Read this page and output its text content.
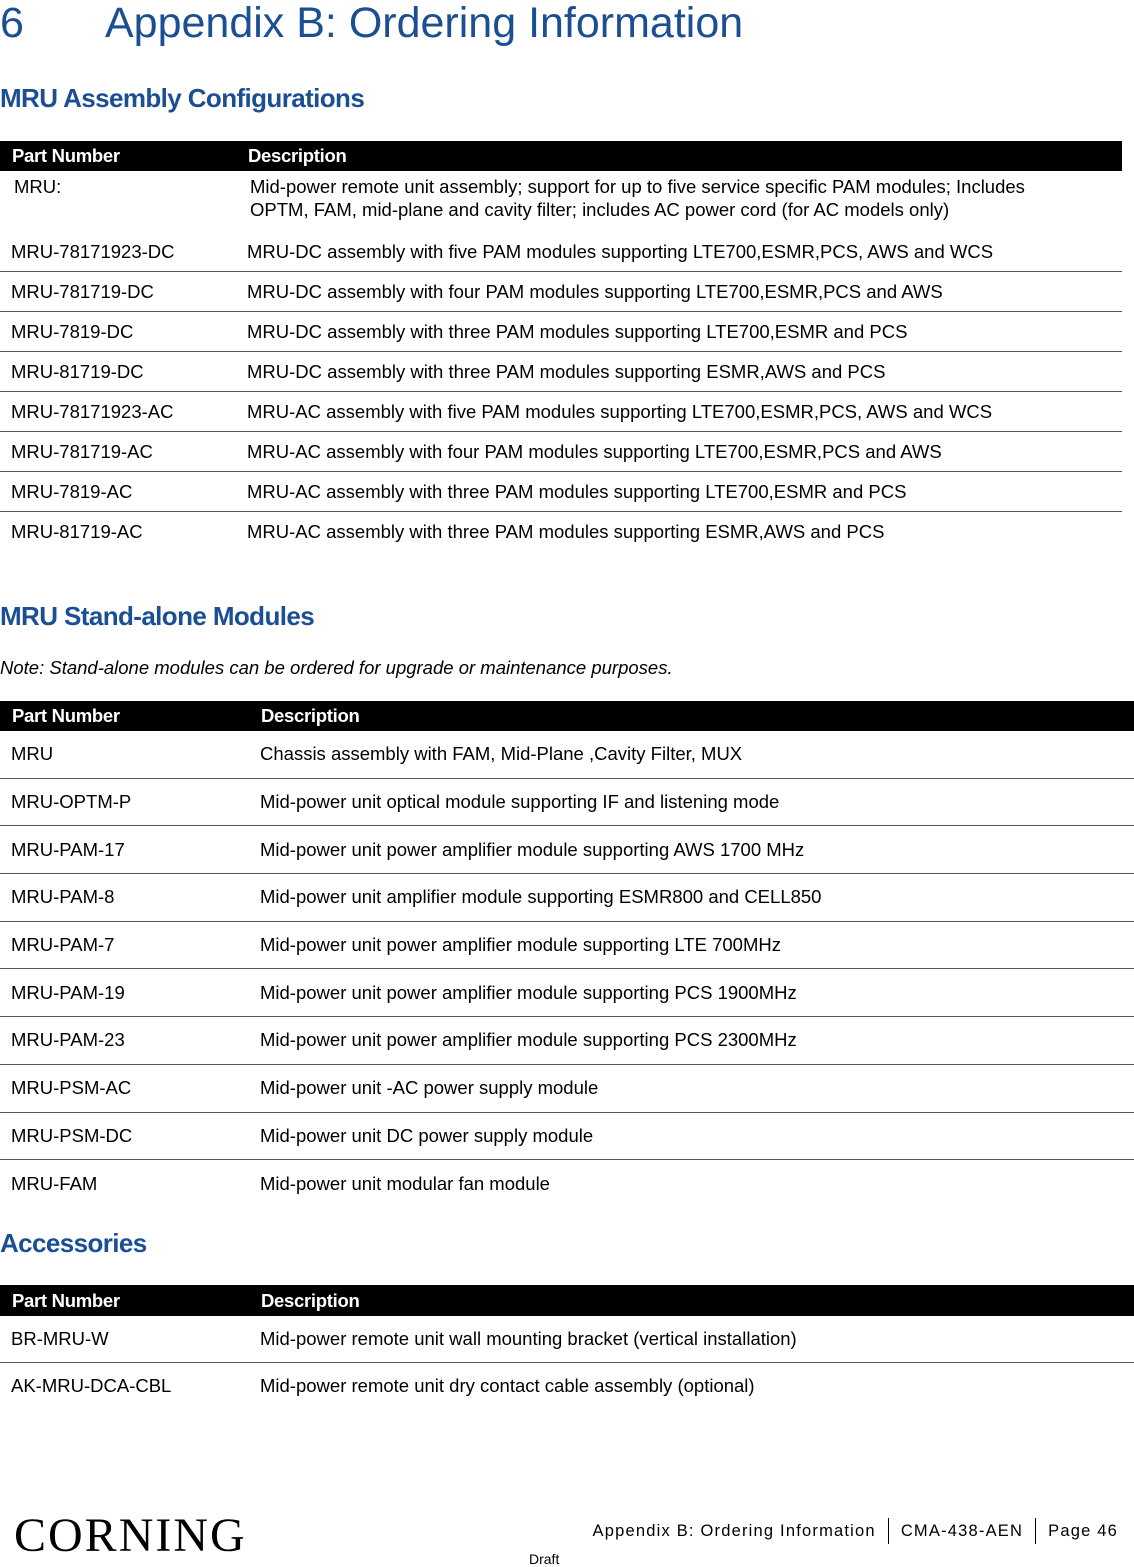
6 Appendix B: Ordering Information
MRU Assembly Configurations
Part Number	Description
MRU:	Mid-power remote unit assembly; support for up to five service specific PAM modules; Includes
OPTM, FAM, mid-plane and cavity filter; includes AC power cord (for AC models only)

MRU-78171923-DC	MRU-DC assembly with five PAM modules supporting LTE700,ESMR,PCS, AWS and WCS
MRU-781719-DC	MRU-DC assembly with four PAM modules supporting LTE700,ESMR,PCS and AWS
MRU-7819-DC	MRU-DC assembly with three PAM modules supporting LTE700,ESMR and PCS
MRU-81719-DC	MRU-DC assembly with three PAM modules supporting ESMR,AWS and PCS
MRU-78171923-AC	MRU-AC assembly with five PAM modules supporting LTE700,ESMR,PCS, AWS and WCS
MRU-781719-AC	MRU-AC assembly with four PAM modules supporting LTE700,ESMR,PCS and AWS
MRU-7819-AC	MRU-AC assembly with three PAM modules supporting LTE700,ESMR and PCS
MRU-81719-AC	MRU-AC assembly with three PAM modules supporting ESMR,AWS and PCS
MRU Stand-alone Modules

Note: Stand-alone modules can be ordered for upgrade or maintenance purposes.

Part Number	Description
MRU	Chassis assembly with FAM, Mid-Plane ,Cavity Filter, MUX
MRU-OPTM-P	Mid-power unit optical module supporting IF and listening mode
MRU-PAM-17	Mid-power unit power amplifier module supporting AWS 1700 MHz
MRU-PAM-8	Mid-power unit amplifier module supporting ESMR800 and CELL850
MRU-PAM-7	Mid-power unit power amplifier module supporting LTE 700MHz
MRU-PAM-19	Mid-power unit power amplifier module supporting PCS 1900MHz
MRU-PAM-23	Mid-power unit power amplifier module supporting PCS 2300MHz
MRU-PSM-AC	Mid-power unit -AC power supply module
MRU-PSM-DC	Mid-power unit DC power supply module
MRU-FAM	Mid-power unit modular fan module
Accessories
Part Number	Description
BR-MRU-W	Mid-power remote unit wall mounting bracket (vertical installation)
AK-MRU-DCA-CBL	Mid-power remote unit dry contact cable assembly (optional)
CORNING	Appendix B: Ordering Information CMA-438-AEN Page 46
Draft
